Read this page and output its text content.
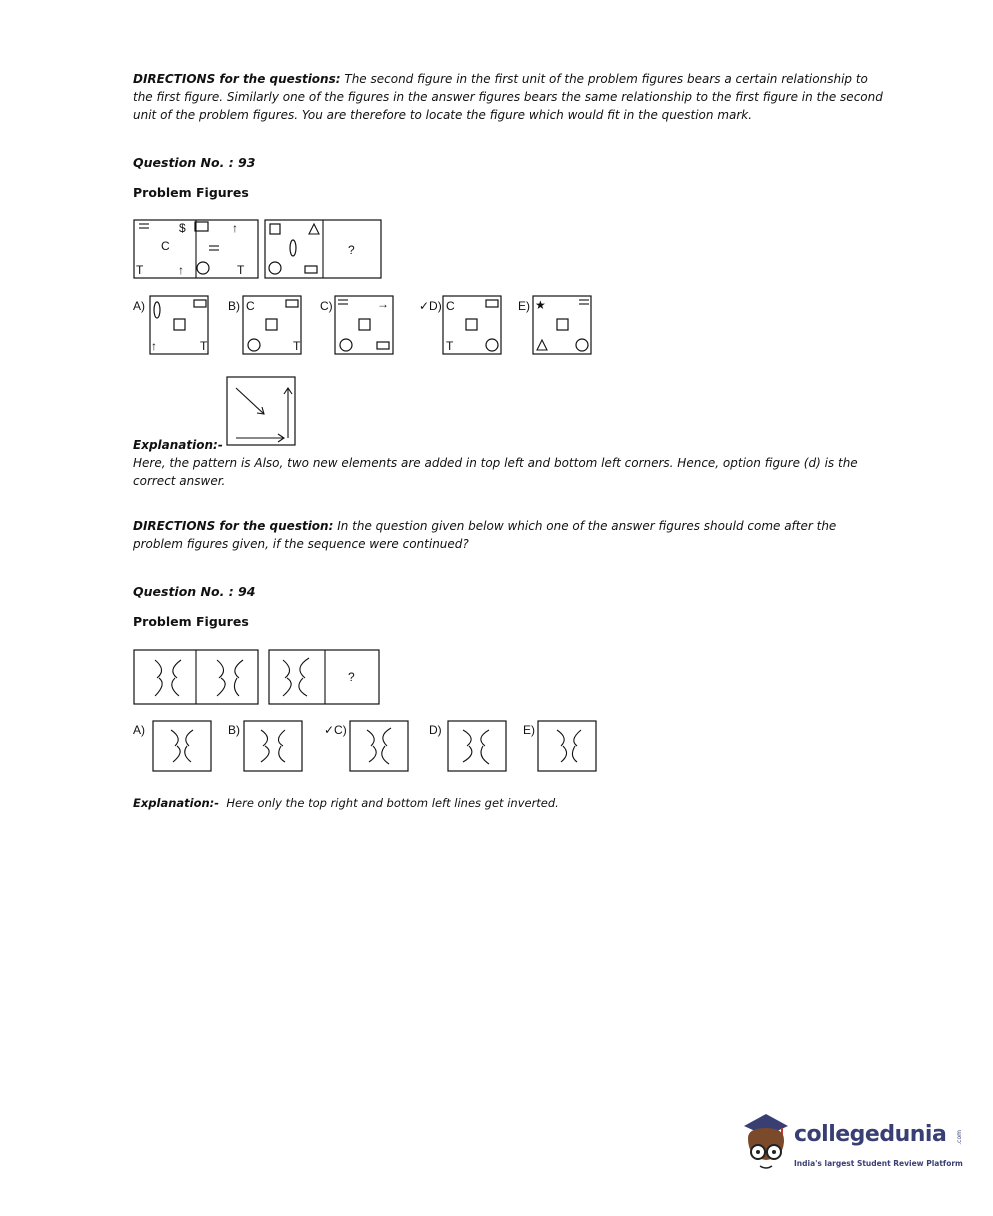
DIRECTIONS for the questions: The second figure in the first unit of the problem figures bears a certain relationship to the first figure. Similarly one of the figures in the answer figures bears the same relationship to the first figure in the second unit of the problem figures. You are therefore to locate the figure which would fit in the question mark.
Question No. : 93
Problem Figures
$
C
T	↑
↑
T
?
A)
↑	T
B) C
T
C)	→	✓D) C
T
E) ★
Explanation:-
Here, the pattern is Also, two new elements are added in top left and bottom left corners. Hence, option figure (d) is the correct answer.
DIRECTIONS for the question: In the question given below which one of the answer figures should come after the problem figures given, if the sequence were continued?
Question No. : 94
Problem Figures
?
A)	B)	✓C)	D)	E)
Explanation:- Here only the top right and bottom left lines get inverted.
collegedunia .com
India's largest Student Review Platform
